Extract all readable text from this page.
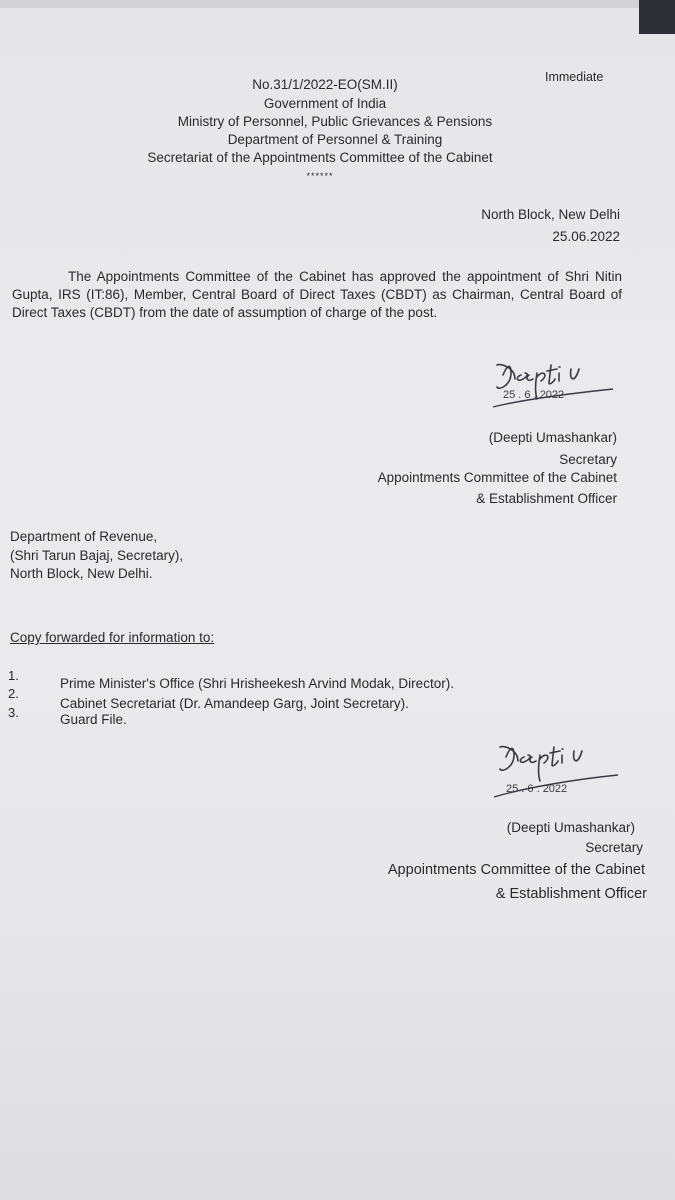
Immediate
No.31/1/2022-EO(SM.II)
Government of India
Ministry of Personnel, Public Grievances & Pensions
Department of Personnel & Training
Secretariat of the Appointments Committee of the Cabinet
******
North Block, New Delhi
25.06.2022
The Appointments Committee of the Cabinet has approved the appointment of Shri Nitin Gupta, IRS (IT:86), Member, Central Board of Direct Taxes (CBDT) as Chairman, Central Board of Direct Taxes (CBDT) from the date of assumption of charge of the post.
25 . 6 . 2022
(Deepti Umashankar)
Secretary
Appointments Committee of the Cabinet
& Establishment Officer
Department of Revenue,
(Shri Tarun Bajaj, Secretary),
North Block, New Delhi.
Copy forwarded for information to:
1.
Prime Minister's Office (Shri Hrisheekesh Arvind Modak, Director).
2.
Cabinet Secretariat (Dr. Amandeep Garg, Joint Secretary).
3.	Guard File.
25 . 6 . 2022
(Deepti Umashankar)
Secretary
Appointments Committee of the Cabinet
& Establishment Officer
